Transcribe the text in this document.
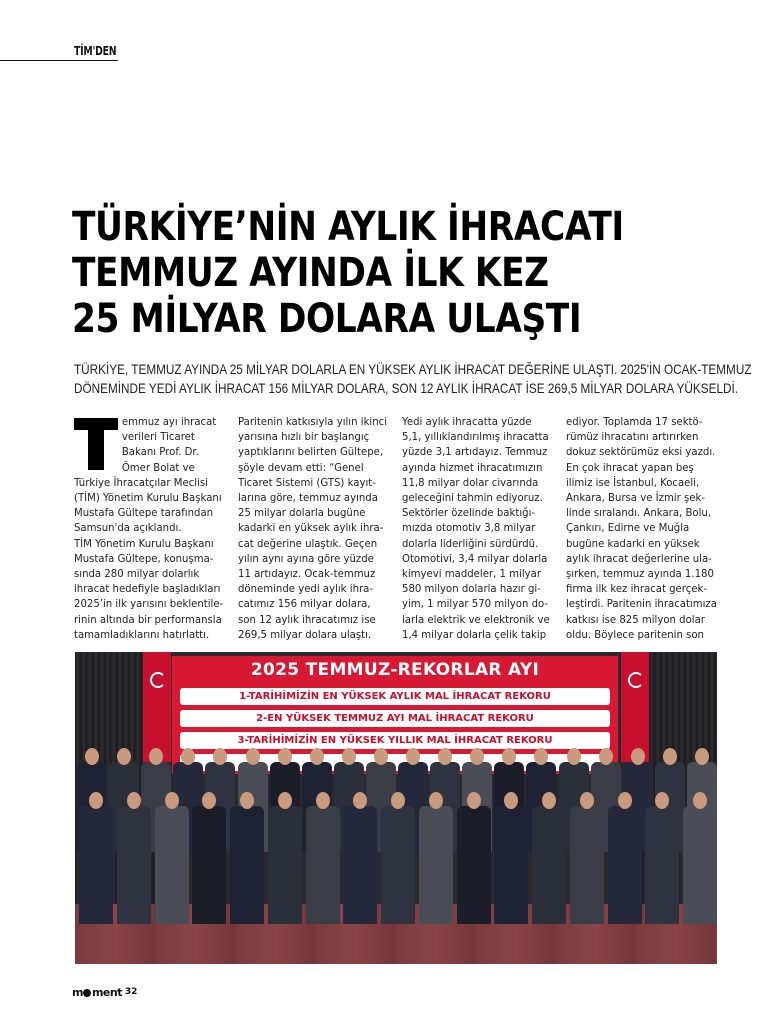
TİM'DEN
TÜRKİYE’NİN AYLIK İHRACATI
TEMMUZ AYINDA İLK KEZ
25 MİLYAR DOLARA ULAŞTI
TÜRKİYE, TEMMUZ AYINDA 25 MİLYAR DOLARLA EN YÜKSEK AYLIK İHRACAT DEĞERİNE ULAŞTI. 2025'İN OCAK-TEMMUZ
DÖNEMİNDE YEDİ AYLIK İHRACAT 156 MİLYAR DOLARA, SON 12 AYLIK İHRACAT İSE 269,5 MİLYAR DOLARA YÜKSELDİ.
emmuz ayı ihracat
verileri Ticaret
Bakanı Prof. Dr.
Ömer Bolat ve
Türkiye İhracatçılar Meclisi
(TİM) Yönetim Kurulu Başkanı
Mustafa Gültepe tarafından
Samsun'da açıklandı.
TİM Yönetim Kurulu Başkanı
Mustafa Gültepe, konuşma-
sında 280 milyar dolarlık
ihracat hedefiyle başladıkları
2025’in ilk yarısını beklentile-
rinin altında bir performansla
tamamladıklarını hatırlattı.
Paritenin katkısıyla yılın ikinci
yarısına hızlı bir başlangıç
yaptıklarını belirten Gültepe,
şöyle devam etti: “Genel
Ticaret Sistemi (GTS) kayıt-
larına göre, temmuz ayında
25 milyar dolarla bugüne
kadarki en yüksek aylık ihra-
cat değerine ulaştık. Geçen
yılın aynı ayına göre yüzde
11 artıdayız. Ocak-temmuz
döneminde yedi aylık ihra-
catımız 156 milyar dolara,
son 12 aylık ihracatımız ise
269,5 milyar dolara ulaştı.
Yedi aylık ihracatta yüzde
5,1, yıllıklandırılmış ihracatta
yüzde 3,1 artıdayız. Temmuz
ayında hizmet ihracatımızın
11,8 milyar dolar civarında
geleceğini tahmin ediyoruz.
Sektörler özelinde baktığı-
mızda otomotiv 3,8 milyar
dolarla liderliğini sürdürdü.
Otomotivi, 3,4 milyar dolarla
kimyevi maddeler, 1 milyar
580 milyon dolarla hazır gi-
yim, 1 milyar 570 milyon do-
larla elektrik ve elektronik ve
1,4 milyar dolarla çelik takip
ediyor. Toplamda 17 sektö-
rümüz ihracatını artırırken
dokuz sektörümüz eksi yazdı.
En çok ihracat yapan beş
ilimiz ise İstanbul, Kocaeli,
Ankara, Bursa ve İzmir şek-
linde sıralandı. Ankara, Bolu,
Çankırı, Edirne ve Muğla
bugüne kadarki en yüksek
aylık ihracat değerlerine ula-
şırken, temmuz ayında 1.180
firma ilk kez ihracat gerçek-
leştirdi. Paritenin ihracatımıza
katkısı ise 825 milyon dolar
oldu. Böylece paritenin son
2025 TEMMUZ-REKORLAR AYI
1-TARİHİMİZİN EN YÜKSEK AYLIK MAL İHRACAT REKORU
2-EN YÜKSEK TEMMUZ AYI MAL İHRACAT REKORU
3-TARİHİMİZİN EN YÜKSEK YILLIK MAL İHRACAT REKORU
m ment
• 32
